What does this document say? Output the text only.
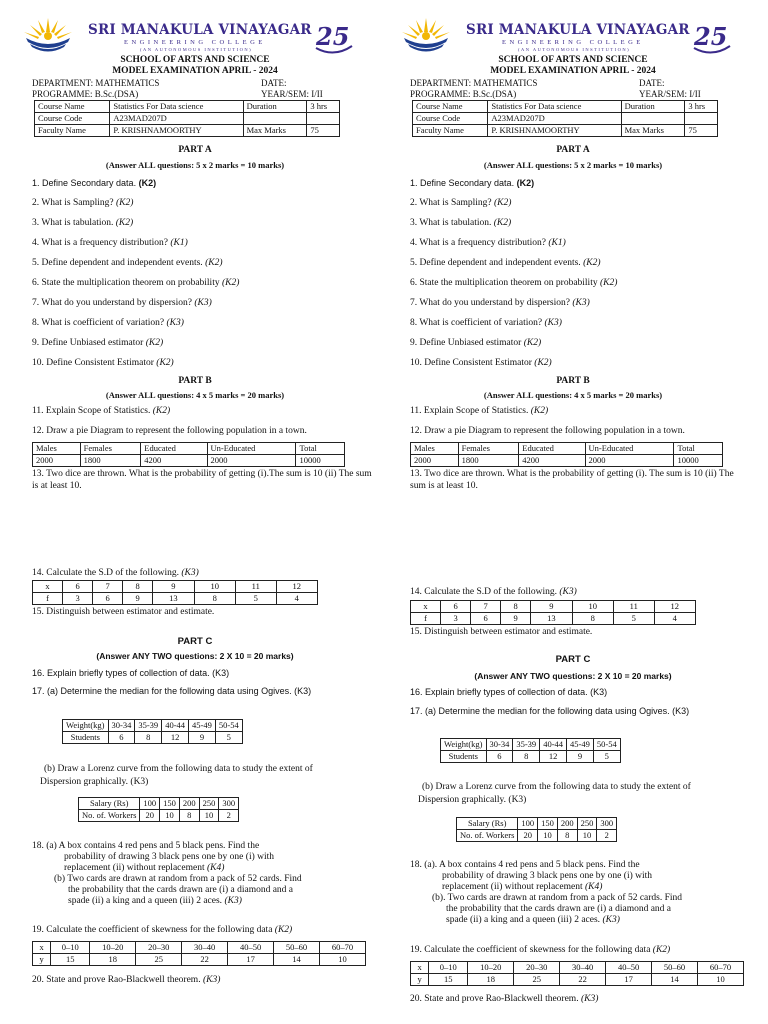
SRI MANAKULA VINAYAGAR
ENGINEERING COLLEGE
(AN AUTONOMOUS INSTITUTION)	25
SCHOOL OF ARTS AND SCIENCE
MODEL EXAMINATION APRIL - 2024
DEPARTMENT: MATHEMATICS	DATE:
PROGRAMME: B.Sc.(DSA)	YEAR/SEM: I/II
Course Name	Statistics For Data science	Duration	3 hrs
Course Code	A23MAD207D		
Faculty Name	P. KRISHNAMOORTHY	Max Marks	75
PART A
(Answer ALL questions: 5 x 2 marks = 10 marks)
1. Define Secondary data. (K2)
2. What is Sampling? (K2)
3. What is tabulation. (K2)
4. What is a frequency distribution? (K1)
5. Define dependent and independent events. (K2)
6. State the multiplication theorem on probability (K2)
7. What do you understand by dispersion? (K3)
8. What is coefficient of variation? (K3)
9. Define Unbiased estimator (K2)
10. Define Consistent Estimator (K2)
PART B
(Answer ALL questions: 4 x 5 marks = 20 marks)
11. Explain Scope of Statistics. (K2)
12. Draw a pie Diagram to represent the following population in a town.
Males	Females	Educated	Un-Educated	Total
2000	1800	4200	2000	10000
13. Two dice are thrown. What is the probability of getting (i).The sum is 10 (ii) The sum is at least 10.
14. Calculate the S.D of the following. (K3)
x	6	7	8	9	10	11	12
f	3	6	9	13	8	5	4
15. Distinguish between estimator and estimate.
PART C
(Answer ANY TWO questions: 2 X 10 = 20 marks)
16. Explain briefly types of collection of data. (K3)
17. (a) Determine the median for the following data using Ogives. (K3)
Weight(kg)	30-34	35-39	40-44	45-49	50-54
Students	6	8	12	9	5
(b) Draw a Lorenz curve from the following data to study the extent of
Dispersion graphically. (K3)
Salary (Rs)	100	150	200	250	300
No. of. Workers	20	10	8	10	2
18. (a) A box contains 4 red pens and 5 black pens. Find the
probability of drawing 3 black pens one by one (i) with
replacement (ii) without replacement (K4)
(b) Two cards are drawn at random from a pack of 52 cards. Find
the probability that the cards drawn are (i) a diamond and a
spade (ii) a king and a queen (iii) 2 aces. (K3)
19. Calculate the coefficient of skewness for the following data (K2)
x	0–10	10–20	20–30	30–40	40–50	50–60	60–70
y	15	18	25	22	17	14	10
20. State and prove Rao-Blackwell theorem. (K3)
SRI MANAKULA VINAYAGAR
ENGINEERING COLLEGE
(AN AUTONOMOUS INSTITUTION)	25
SCHOOL OF ARTS AND SCIENCE
MODEL EXAMINATION APRIL - 2024
DEPARTMENT: MATHEMATICS	DATE:
PROGRAMME: B.Sc.(DSA)	YEAR/SEM: I/II
Course Name	Statistics For Data science	Duration	3 hrs
Course Code	A23MAD207D		
Faculty Name	P. KRISHNAMOORTHY	Max Marks	75
PART A
(Answer ALL questions: 5 x 2 marks = 10 marks)
1. Define Secondary data. (K2)
2. What is Sampling? (K2)
3. What is tabulation. (K2)
4. What is a frequency distribution? (K1)
5. Define dependent and independent events. (K2)
6. State the multiplication theorem on probability (K2)
7. What do you understand by dispersion? (K3)
8. What is coefficient of variation? (K3)
9. Define Unbiased estimator (K2)
10. Define Consistent Estimator (K2)
PART B
(Answer ALL questions: 4 x 5 marks = 20 marks)
11. Explain Scope of Statistics. (K2)
12. Draw a pie Diagram to represent the following population in a town.
Males	Females	Educated	Un-Educated	Total
2000	1800	4200	2000	10000
13. Two dice are thrown. What is the probability of getting (i). The sum is 10 (ii) The sum is at least 10.
14. Calculate the S.D of the following. (K3)
x	6	7	8	9	10	11	12
f	3	6	9	13	8	5	4
15. Distinguish between estimator and estimate.
PART C
(Answer ANY TWO questions: 2 X 10 = 20 marks)
16. Explain briefly types of collection of data. (K3)
17. (a) Determine the median for the following data using Ogives. (K3)
Weight(kg)	30-34	35-39	40-44	45-49	50-54
Students	6	8	12	9	5
(b) Draw a Lorenz curve from the following data to study the extent of
Dispersion graphically. (K3)
Salary (Rs)	100	150	200	250	300
No. of. Workers	20	10	8	10	2
18. (a). A box contains 4 red pens and 5 black pens. Find the
probability of drawing 3 black pens one by one (i) with
replacement (ii) without replacement (K4)
(b). Two cards are drawn at random from a pack of 52 cards. Find
the probability that the cards drawn are (i) a diamond and a
spade (ii) a king and a queen (iii) 2 aces. (K3)
19. Calculate the coefficient of skewness for the following data (K2)
x	0–10	10–20	20–30	30–40	40–50	50–60	60–70
y	15	18	25	22	17	14	10
20. State and prove Rao-Blackwell theorem. (K3)
